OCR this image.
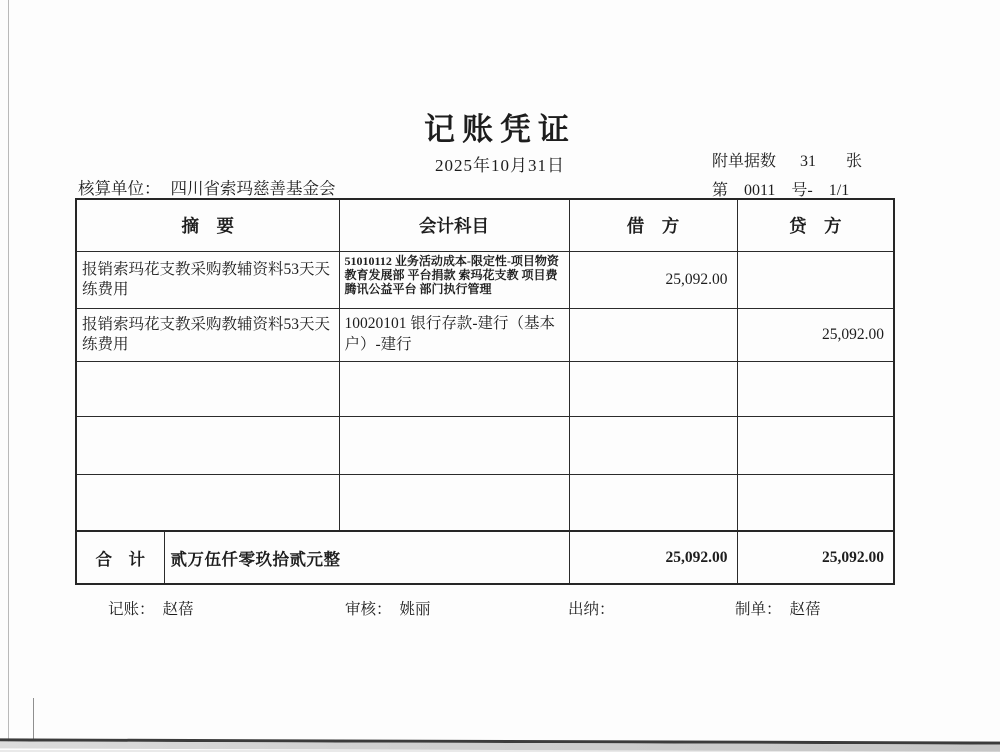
记账凭证
2025年10月31日	附单据数 31 张
第 0011 号- 1/1
核算单位： 四川省索玛慈善基金会
摘　要		会计科目	借　方	贷　方
报销索玛花支教采购教辅资料53天天练费用		51010112 业务活动成本-限定性-项目物资 教育发展部 平台捐款 索玛花支教 项目费 腾讯公益平台 部门执行管理	25,092.00	
报销索玛花支教采购教辅资料53天天练费用		10020101 银行存款-建行（基本户）-建行		25,092.00

合　计	贰万伍仟零玖拾贰元整		25,092.00	25,092.00
记账： 赵蓓	审核： 姚丽	出纳：	制单： 赵蓓
